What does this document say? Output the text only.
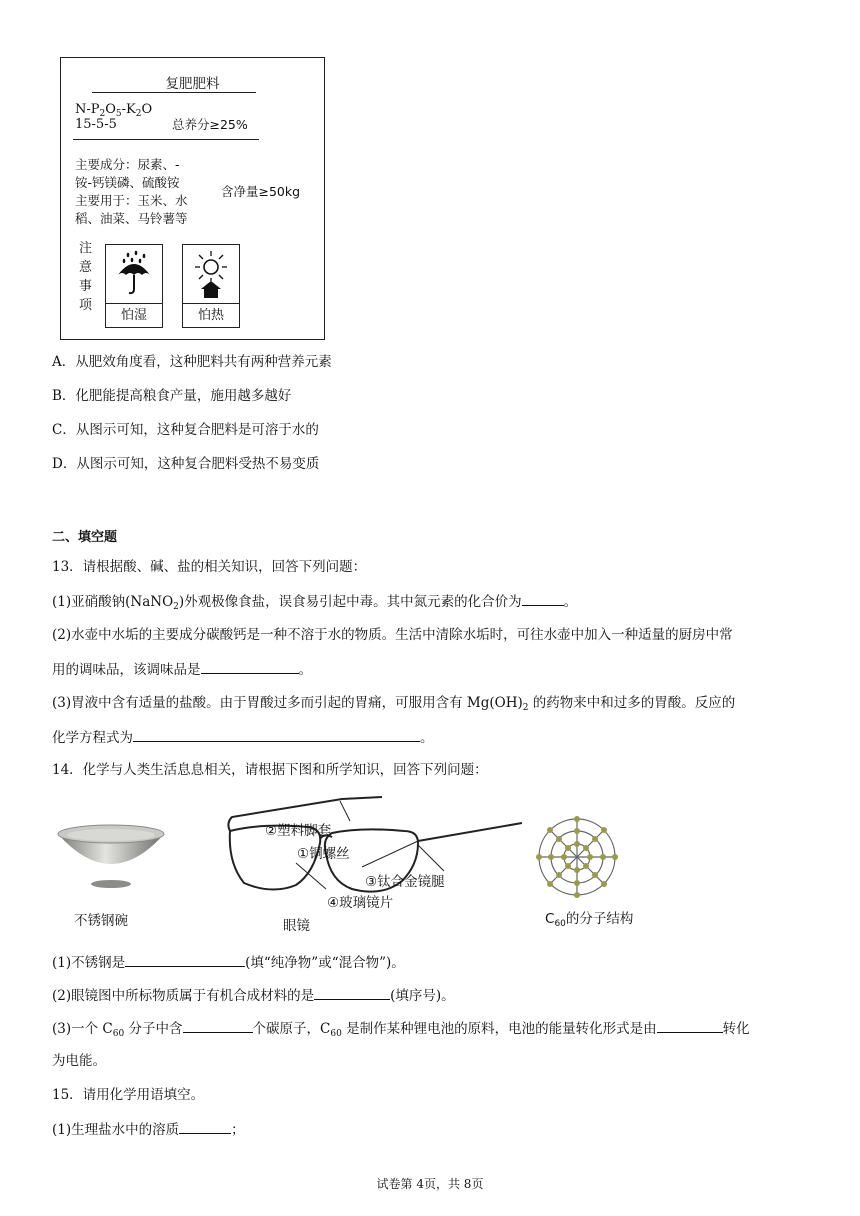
复肥肥料
$N-P_2O_5-K_2O$
15-5-5	总养分≥25%
主要成分：尿素、-
铵-钙镁磷、硫酸铵
主要用于：玉米、水
稻、油菜、马铃薯等
含净量≥50kg
注意事项
怕湿	怕热
A．从肥效角度看，这种肥料共有两种营养元素
B．化肥能提高粮食产量，施用越多越好
C．从图示可知，这种复合肥料是可溶于水的
D．从图示可知，这种复合肥料受热不易变质
二、填空题
13．请根据酸、碱、盐的相关知识，回答下列问题：
(1)亚硝酸钠(NaNO$_2$)外观极像食盐，误食易引起中毒。其中氮元素的化合价为	。
(2)水壶中水垢的主要成分碳酸钙是一种不溶于水的物质。生活中清除水垢时，可往水壶中加入一种适量的厨房中常
用的调味品，该调味品是	。
(3)胃液中含有适量的盐酸。由于胃酸过多而引起的胃痛，可服用含有 $Mg(OH)_2$ 的药物来中和过多的胃酸。反应的
化学方程式为	。
14．化学与人类生活息息相关，请根据下图和所学知识，回答下列问题：
不锈钢碗
②塑料脚套
①铜螺丝
③钛合金镜腿
④玻璃镜片
眼镜	$C_{60}$的分子结构
(1)不锈钢是	(填“纯净物”或“混合物”)。
(2)眼镜图中所标物质属于有机合成材料的是	(填序号)。
(3)一个 $C_{60}$ 分子中含	个碳原子，$C_{60}$ 是制作某种锂电池的原料，电池的能量转化形式是由	转化
为电能。
15．请用化学用语填空。
(1)生理盐水中的溶质	；
试卷第 4页，共 8页
